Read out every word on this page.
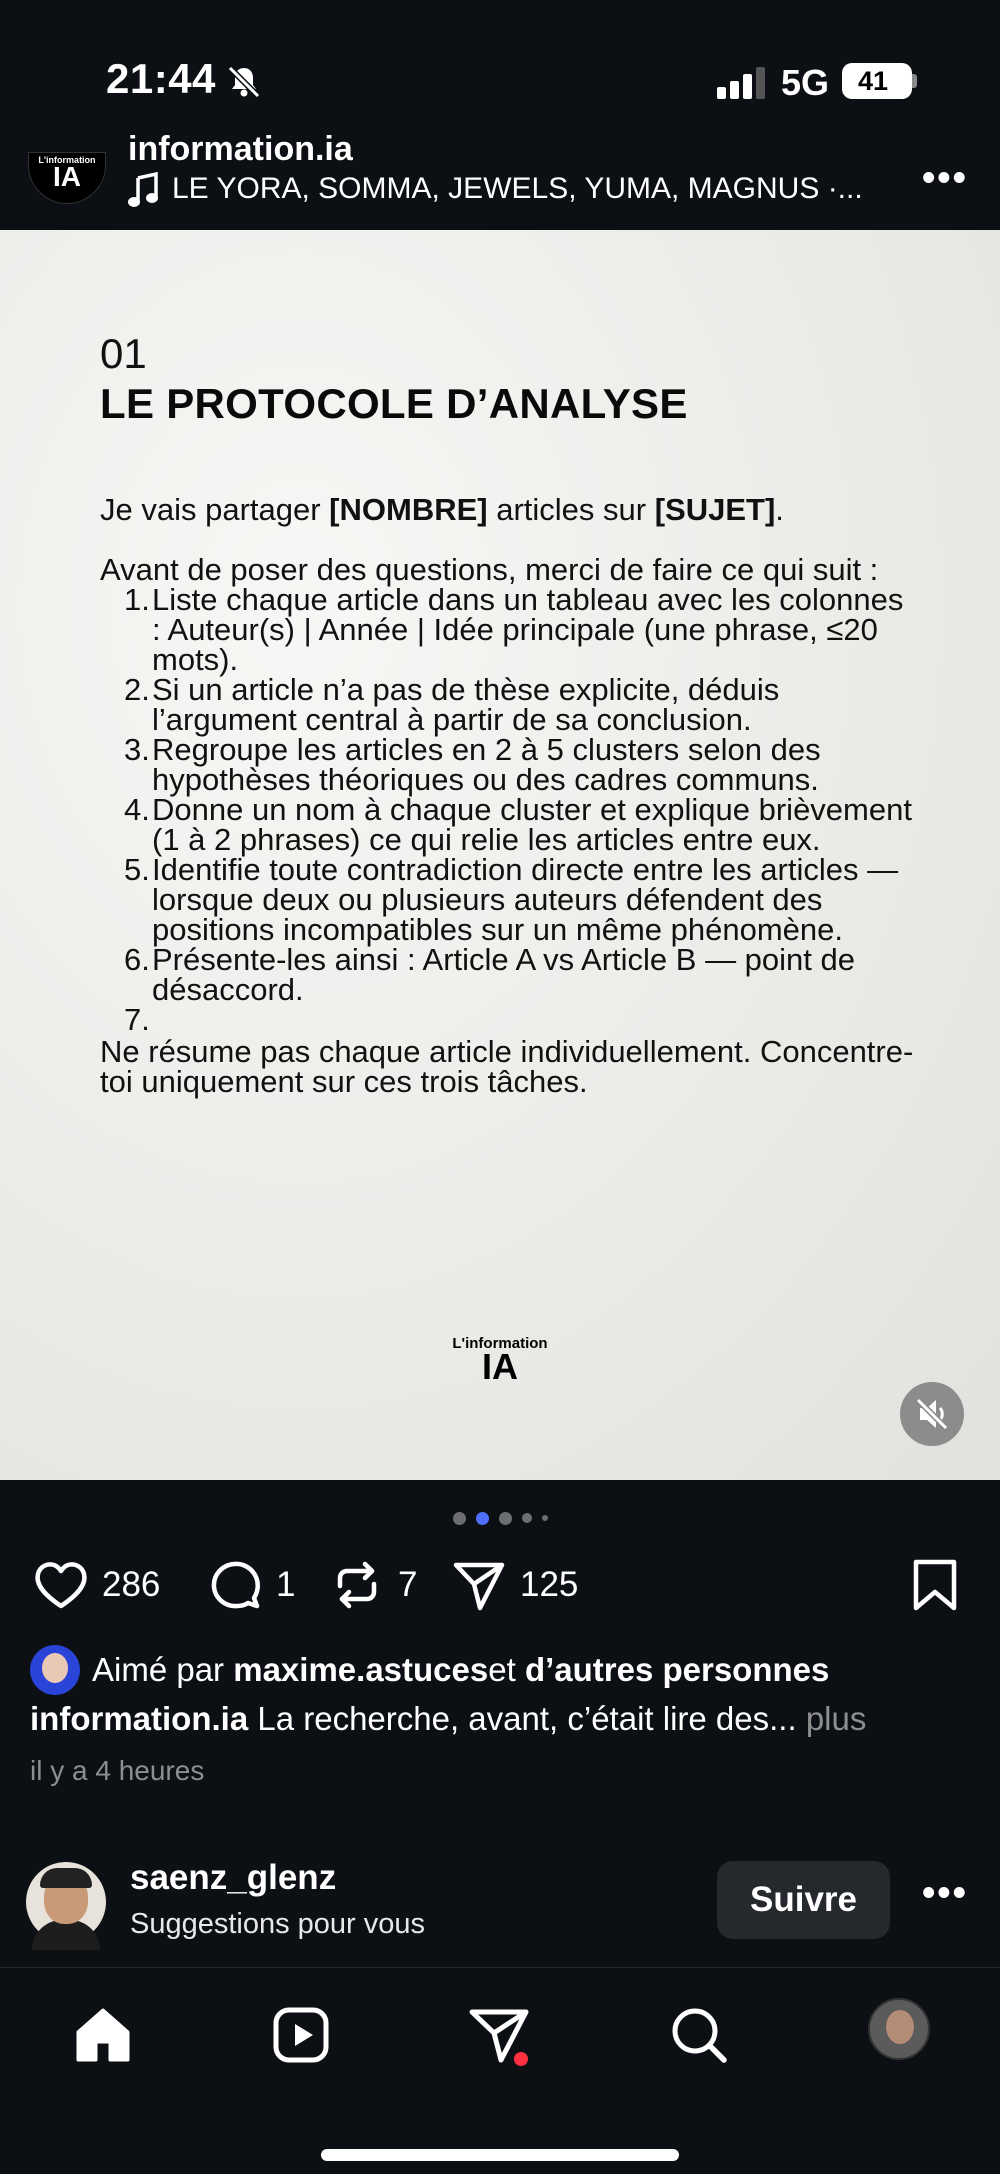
21:44	5G	41
L'information
IA
information.ia
LE YORA, SOMMA, JEWELS, YUMA, MAGNUS ·... •••
01
LE PROTOCOLE D’ANALYSE
Je vais partager [NOMBRE] articles sur [SUJET].
Avant de poser des questions, merci de faire ce qui suit :
1. Liste chaque article dans un tableau avec les colonnes : Auteur(s) | Année | Idée principale (une phrase, ≤20 mots).
2. Si un article n’a pas de thèse explicite, déduis l’argument central à partir de sa conclusion.
3. Regroupe les articles en 2 à 5 clusters selon des hypothèses théoriques ou des cadres communs.
4. Donne un nom à chaque cluster et explique brièvement (1 à 2 phrases) ce qui relie les articles entre eux.
5. Identifie toute contradiction directe entre les articles — lorsque deux ou plusieurs auteurs défendent des positions incompatibles sur un même phénomène.
6. Présente-les ainsi : Article A vs Article B — point de désaccord.
7.

Ne résume pas chaque article individuellement. Concentre-toi uniquement sur ces trois tâches.
L'information
IA
286	1	7	125
Aimé par
maxime.astuces et
d’autres personnes
information.ia La recherche, avant, c’était lire des... plus
il y a 4 heures
saenz_glenz
Suggestions pour vous
Suivre	•••
